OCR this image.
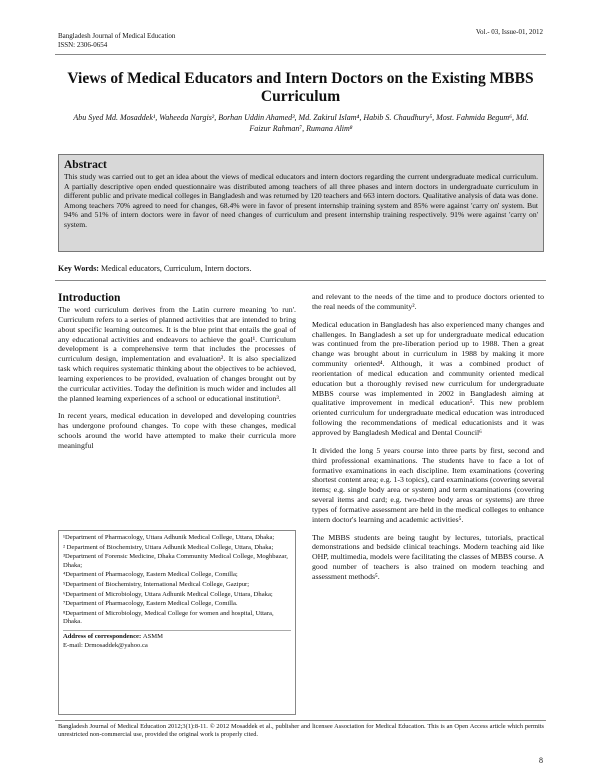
Bangladesh Journal of Medical Education
ISSN: 2306-0654
Vol.- 03, Issue-01, 2012
Views of Medical Educators and Intern Doctors on the Existing MBBS Curriculum
Abu Syed Md. Mosaddek¹, Waheeda Nargis², Borhan Uddin Ahamed³, Md. Zakirul Islam⁴, Habib S. Chaudhury⁵, Most. Fahmida Begum⁶, Md. Faizur Rahman⁷, Rumana Alim⁸
Abstract

This study was carried out to get an idea about the views of medical educators and intern doctors regarding the current undergraduate medical curriculum. A partially descriptive open ended questionnaire was distributed among teachers of all three phases and intern doctors in undergraduate curriculum in different public and private medical colleges in Bangladesh and was returned by 120 teachers and 663 intern doctors. Qualitative analysis of data was done. Among teachers 70% agreed to need for changes, 68.4% were in favor of present internship training system and 85% were against 'carry on' system. But 94% and 51% of intern doctors were in favor of need changes of curriculum and present internship training respectively. 91% were against 'carry on' system.

Key Words: Medical educators, Curriculum, Intern doctors.
Introduction

The word curriculum derives from the Latin currere meaning 'to run'. Curriculum refers to a series of planned activities that are intended to bring about specific learning outcomes. It is the blue print that entails the goal of any educational activities and endeavors to achieve the goal¹. Curriculum development is a comprehensive term that includes the processes of curriculum design, implementation and evaluation². It is also specialized task which requires systematic thinking about the objectives to be achieved, learning experiences to be provided, evaluation of changes brought out by the curricular activities. Today the definition is much wider and includes all the planned learning experiences of a school or educational institution³.

In recent years, medical education in developed and developing countries has undergone profound changes. To cope with these changes, medical schools around the world have attempted to make their curricula more meaningful

¹Department of Pharmacology, Uttara Adhunik Medical College, Uttara, Dhaka;
² Department of Biochemistry, Uttara Adhunik Medical College, Uttara, Dhaka;
³Department of Forensic Medicine, Dhaka Community Medical College, Moghbazar, Dhaka;
⁴Department of Pharmacology, Eastern Medical College, Comilla;
⁵Department of Biochemistry, International Medical College, Gazipur;
⁶Department of Microbiology, Uttara Adhunik Medical College, Uttara, Dhaka;
⁷Department of Pharmacology, Eastern Medical College, Comilla.
⁸Department of Microbiology, Medical College for women and hospital, Uttara, Dhaka.
Address of correspondence: ASMM
E-mail: Drmosaddek@yahoo.ca

and relevant to the needs of the time and to produce doctors oriented to the real needs of the community².

Medical education in Bangladesh has also experienced many changes and challenges. In Bangladesh a set up for undergraduate medical education was continued from the pre-liberation period up to 1988. Then a great change was brought about in curriculum in 1988 by making it more community oriented⁴. Although, it was a combined product of reorientation of medical education and community oriented medical education but a thoroughly revised new curriculum for undergraduate MBBS course was implemented in 2002 in Bangladesh aiming at qualitative improvement in medical education⁵. This new problem oriented curriculum for undergraduate medical education was introduced following the recommendations of medical educationists and it was approved by Bangladesh Medical and Dental Council⁶

It divided the long 5 years course into three parts by first, second and third professional examinations. The students have to face a lot of formative examinations in each discipline. Item examinations (covering shortest content area; e.g. 1-3 topics), card examinations (covering several items; e.g. single body area or system) and term examinations (covering several items and card; e.g. two-three body areas or systems) are three types of formative assessment are held in the medical colleges to enhance intern doctor's learning and academic activities⁵.

The MBBS students are being taught by lectures, tutorials, practical demonstrations and bedside clinical teachings. Modern teaching aid like OHP, multimedia, models were facilitating the classes of MBBS course. A good number of teachers is also trained on modern teaching and assessment methods⁵.

Bangladesh Journal of Medical Education 2012;3(1):8-11. © 2012 Mosaddek et al., publisher and licensee Association for Medical Education. This is an Open Access article which permits unrestricted non-commercial use, provided the original work is properly cited.
8
